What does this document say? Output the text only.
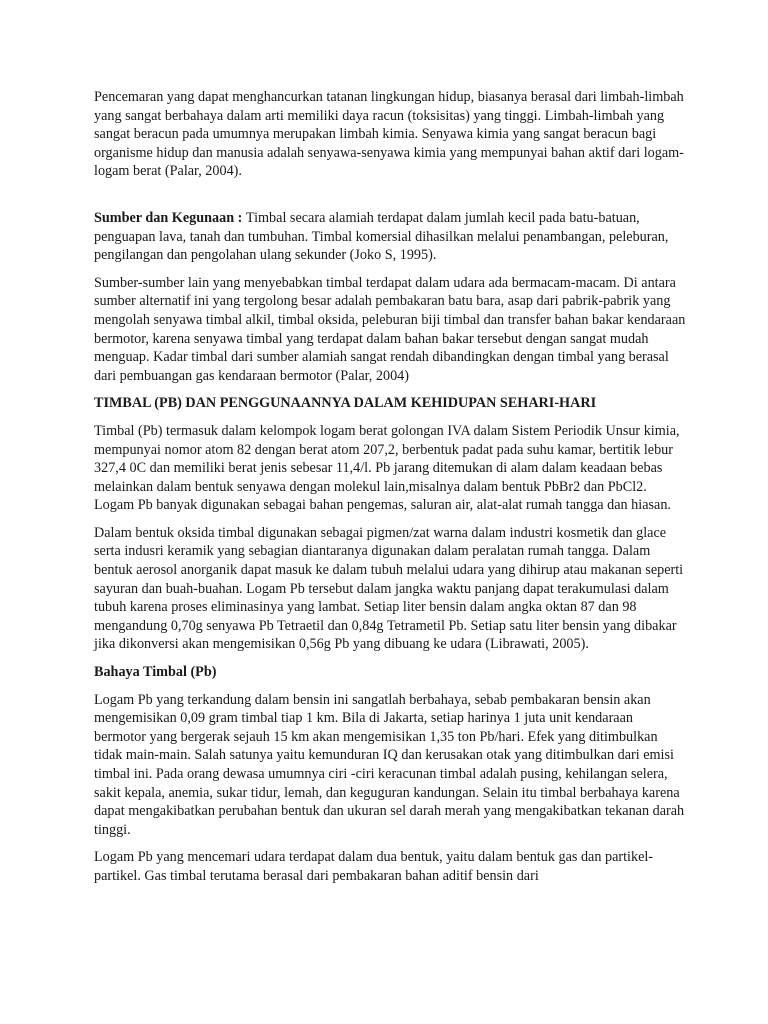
Pencemaran yang dapat menghancurkan tatanan lingkungan hidup, biasanya berasal dari limbah-limbah yang sangat berbahaya dalam arti memiliki daya racun (toksisitas) yang tinggi. Limbah-limbah yang sangat beracun pada umumnya merupakan limbah kimia. Senyawa kimia yang sangat beracun bagi organisme hidup dan manusia adalah senyawa-senyawa kimia yang mempunyai bahan aktif dari logam-logam berat (Palar, 2004).

Sumber dan Kegunaan : Timbal secara alamiah terdapat dalam jumlah kecil pada batu-batuan, penguapan lava, tanah dan tumbuhan. Timbal komersial dihasilkan melalui penambangan, peleburan, pengilangan dan pengolahan ulang sekunder (Joko S, 1995).

Sumber-sumber lain yang menyebabkan timbal terdapat dalam udara ada bermacam-macam. Di antara sumber alternatif ini yang tergolong besar adalah pembakaran batu bara, asap dari pabrik-pabrik yang mengolah senyawa timbal alkil, timbal oksida, peleburan biji timbal dan transfer bahan bakar kendaraan bermotor, karena senyawa timbal yang terdapat dalam bahan bakar tersebut dengan sangat mudah menguap. Kadar timbal dari sumber alamiah sangat rendah dibandingkan dengan timbal yang berasal dari pembuangan gas kendaraan bermotor (Palar, 2004)

TIMBAL (PB) DAN PENGGUNAANNYA DALAM KEHIDUPAN SEHARI-HARI

Timbal (Pb) termasuk dalam kelompok logam berat golongan IVA dalam Sistem Periodik Unsur kimia, mempunyai nomor atom 82 dengan berat atom 207,2, berbentuk padat pada suhu kamar, bertitik lebur 327,4 0C dan memiliki berat jenis sebesar 11,4/l. Pb jarang ditemukan di alam dalam keadaan bebas melainkan dalam bentuk senyawa dengan molekul lain,misalnya dalam bentuk PbBr2 dan PbCl2. Logam Pb banyak digunakan sebagai bahan pengemas, saluran air, alat-alat rumah tangga dan hiasan.

Dalam bentuk oksida timbal digunakan sebagai pigmen/zat warna dalam industri kosmetik dan glace serta indusri keramik yang sebagian diantaranya digunakan dalam peralatan rumah tangga. Dalam bentuk aerosol anorganik dapat masuk ke dalam tubuh melalui udara yang dihirup atau makanan seperti sayuran dan buah-buahan. Logam Pb tersebut dalam jangka waktu panjang dapat terakumulasi dalam tubuh karena proses eliminasinya yang lambat. Setiap liter bensin dalam angka oktan 87 dan 98 mengandung 0,70g senyawa Pb Tetraetil dan 0,84g Tetrametil Pb. Setiap satu liter bensin yang dibakar jika dikonversi akan mengemisikan 0,56g Pb yang dibuang ke udara (Librawati, 2005).

Bahaya Timbal (Pb)

Logam Pb yang terkandung dalam bensin ini sangatlah berbahaya, sebab pembakaran bensin akan mengemisikan 0,09 gram timbal tiap 1 km. Bila di Jakarta, setiap harinya 1 juta unit kendaraan bermotor yang bergerak sejauh 15 km akan mengemisikan 1,35 ton Pb/hari. Efek yang ditimbulkan tidak main-main. Salah satunya yaitu kemunduran IQ dan kerusakan otak yang ditimbulkan dari emisi timbal ini. Pada orang dewasa umumnya ciri -ciri keracunan timbal adalah pusing, kehilangan selera, sakit kepala, anemia, sukar tidur, lemah, dan keguguran kandungan. Selain itu timbal berbahaya karena dapat mengakibatkan perubahan bentuk dan ukuran sel darah merah yang mengakibatkan tekanan darah tinggi.

Logam Pb yang mencemari udara terdapat dalam dua bentuk, yaitu dalam bentuk gas dan partikel-partikel. Gas timbal terutama berasal dari pembakaran bahan aditif bensin dari
